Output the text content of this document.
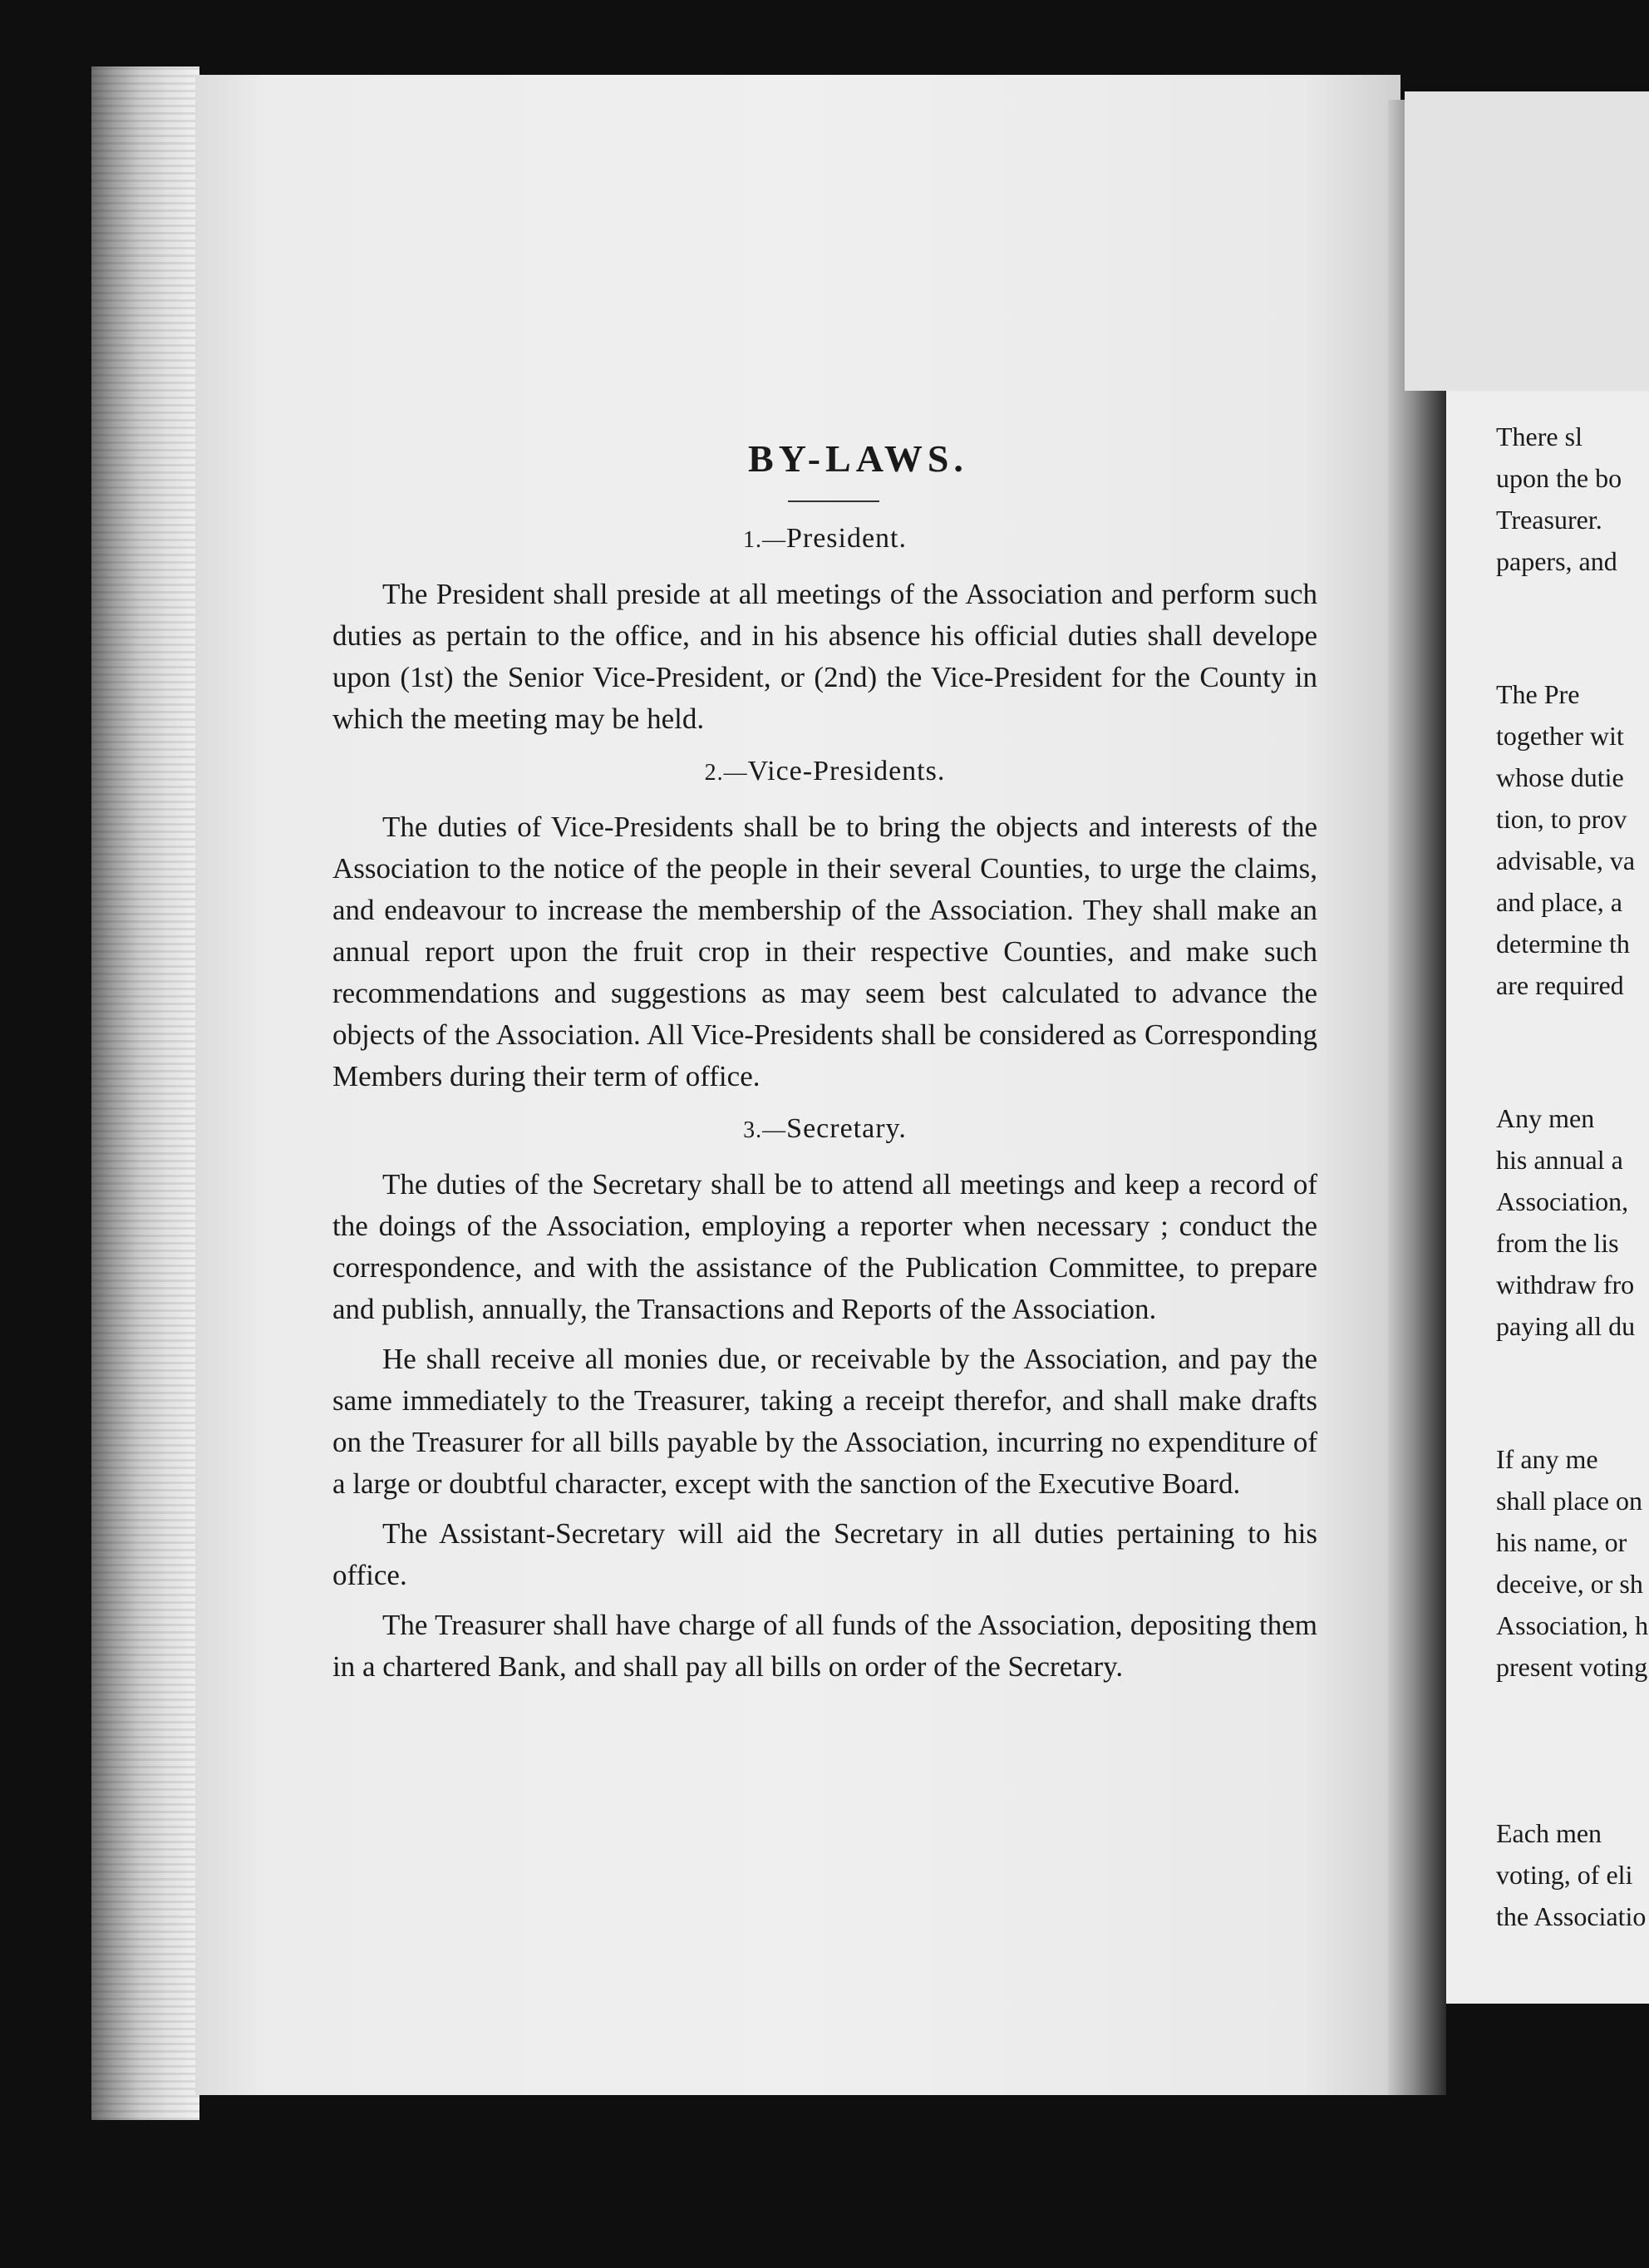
BY-LAWS.
1.—President.

The President shall preside at all meetings of the Association and perform such duties as pertain to the office, and in his absence his official duties shall develope upon (1st) the Senior Vice-President, or (2nd) the Vice-President for the County in which the meeting may be held.

2.—Vice-Presidents.

The duties of Vice-Presidents shall be to bring the objects and interests of the Association to the notice of the people in their several Counties, to urge the claims, and endeavour to increase the membership of the Association. They shall make an annual report upon the fruit crop in their respective Counties, and make such recommendations and suggestions as may seem best calculated to advance the objects of the Association. All Vice-Presidents shall be considered as Corresponding Members during their term of office.

3.—Secretary.

The duties of the Secretary shall be to attend all meetings and keep a record of the doings of the Association, employing a reporter when necessary ; conduct the correspondence, and with the assistance of the Publication Committee, to prepare and publish, annually, the Transactions and Reports of the Association.

He shall receive all monies due, or receivable by the Association, and pay the same immediately to the Treasurer, taking a receipt therefor, and shall make drafts on the Treasurer for all bills payable by the Association, incurring no expenditure of a large or doubtful character, except with the sanction of the Executive Board.

The Assistant-Secretary will aid the Secretary in all duties pertaining to his office.

The Treasurer shall have charge of all funds of the Association, depositing them in a chartered Bank, and shall pay all bills on order of the Secretary.

There sl
upon the bo
Treasurer.
papers, and
The Pre
together wit
whose dutie
tion, to prov
advisable, va
and place, a
determine th
are required
Any men
his annual a
Association,
from the lis
withdraw fro
paying all du
If any me
shall place on
his name, or
deceive, or sh
Association, h
present voting
Each men
voting, of eli
the Associatio
